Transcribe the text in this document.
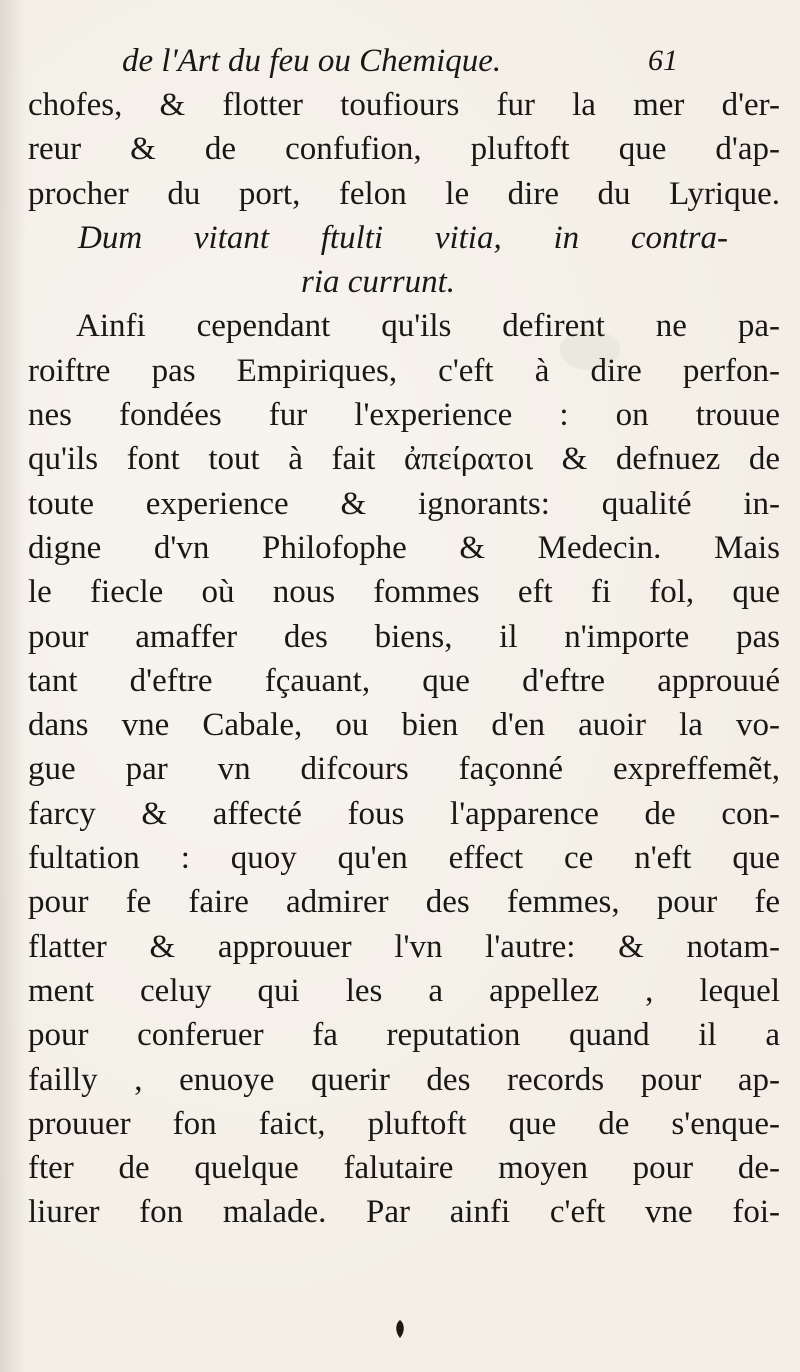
de l'Art du feu ou Chemique.	61
chofes, & flotter toufiours fur la mer d'er-
reur & de confufion, pluftoft que d'ap-
procher du port, felon le dire du Lyrique.
Dum vitant ftulti vitia, in contra-
ria currunt.
Ainfi cependant qu'ils defirent ne pa-
roiftre pas Empiriques, c'eft à dire perfon-
nes fondées fur l'experience : on trouue
qu'ils font tout à fait ἀπείρατοι & defnuez de
toute experience & ignorants: qualité in-
digne d'vn Philofophe & Medecin. Mais
le fiecle où nous fommes eft fi fol, que
pour amaffer des biens, il n'importe pas
tant d'eftre fçauant, que d'eftre approuué
dans vne Cabale, ou bien d'en auoir la vo-
gue par vn difcours façonné expreffemẽt,
farcy & affecté fous l'apparence de con-
fultation : quoy qu'en effect ce n'eft que
pour fe faire admirer des femmes, pour fe
flatter & approuuer l'vn l'autre: & notam-
ment celuy qui les a appellez , lequel
pour conferuer fa reputation quand il a
failly , enuoye querir des records pour ap-
prouuer fon faict, pluftoft que de s'enque-
fter de quelque falutaire moyen pour de-
liurer fon malade. Par ainfi c'eft vne foi-
